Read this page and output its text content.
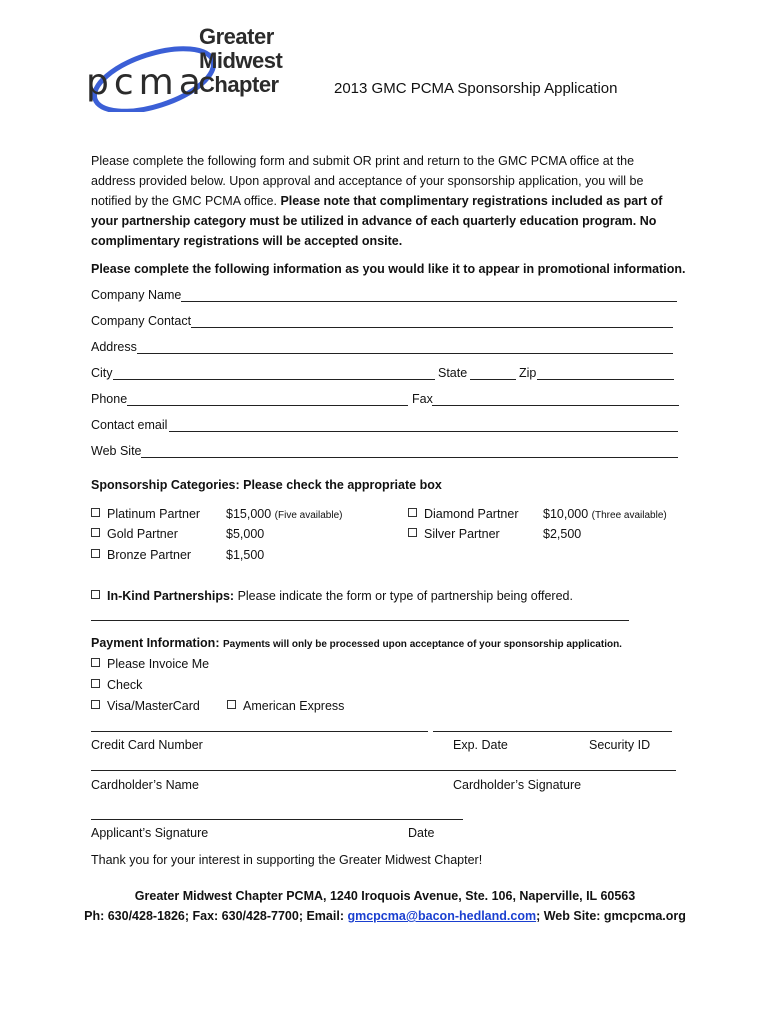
pcma
Greater
Midwest
Chapter	2013 GMC PCMA Sponsorship Application
Please complete the following form and submit OR print and return to the GMC PCMA office at the address provided below. Upon approval and acceptance of your sponsorship application, you will be notified by the GMC PCMA office. Please note that complimentary registrations included as part of your partnership category must be utilized in advance of each quarterly education program. No complimentary registrations will be accepted onsite.
Please complete the following information as you would like it to appear in promotional information.
Company Name
Company Contact
Address
City	State	Zip
Phone	Fax
Contact email
Web Site
Sponsorship Categories: Please check the appropriate box
Platinum Partner $15,000 (Five available)
Gold Partner	$5,000
Bronze Partner	$1,500
Diamond Partner $10,000 (Three available)
Silver Partner	$2,500
In-Kind Partnerships: Please indicate the form or type of partnership being offered.
Payment Information: Payments will only be processed upon acceptance of your sponsorship application.
Please Invoice Me
Check
Visa/MasterCard	American Express
Credit Card Number	Exp. Date	Security ID
Cardholder’s Name	Cardholder’s Signature
Applicant’s Signature	Date
Thank you for your interest in supporting the Greater Midwest Chapter!
Greater Midwest Chapter PCMA, 1240 Iroquois Avenue, Ste. 106, Naperville, IL 60563
Ph: 630/428-1826; Fax: 630/428-7700; Email: gmcpcma@bacon-hedland.com; Web Site: gmcpcma.org
